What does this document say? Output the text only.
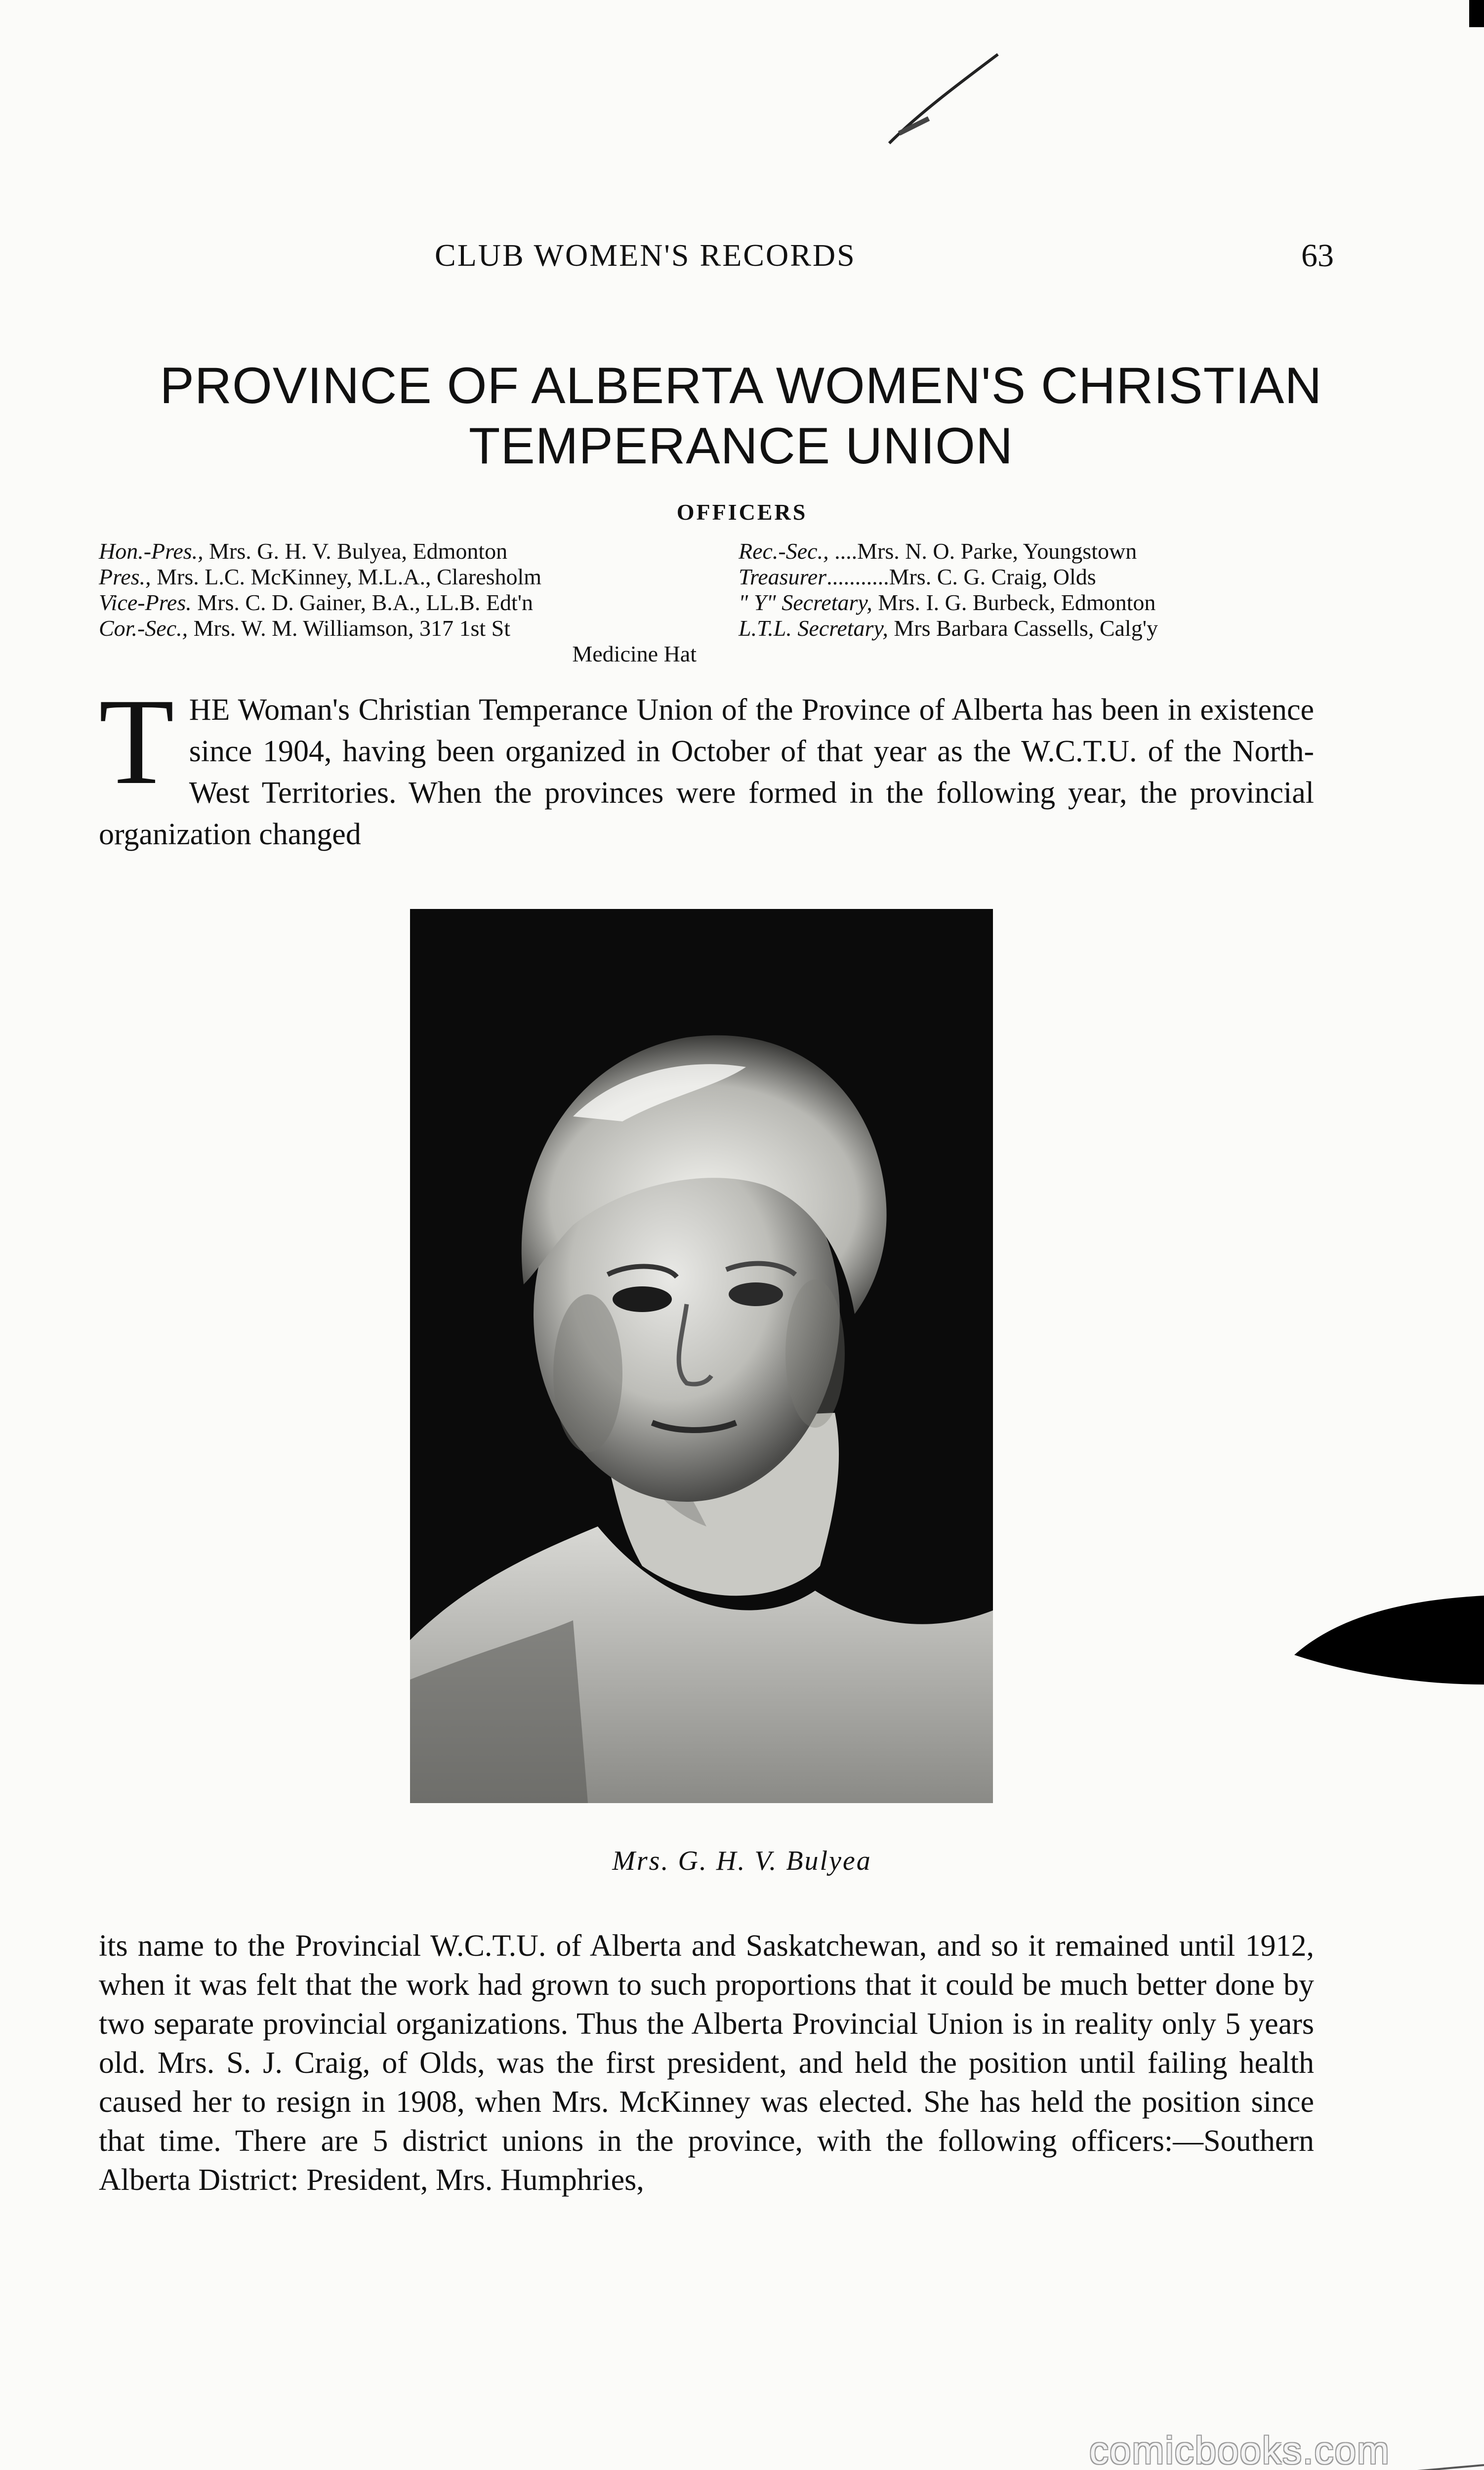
CLUB WOMEN'S RECORDS	63
PROVINCE OF ALBERTA WOMEN'S CHRISTIAN
TEMPERANCE UNION
OFFICERS
Hon.-Pres., Mrs. G. H. V. Bulyea, Edmonton
Pres., Mrs. L.C. McKinney, M.L.A., Claresholm
Vice-Pres. Mrs. C. D. Gainer, B.A., LL.B. Edt'n
Cor.-Sec., Mrs. W. M. Williamson, 317 1st St
Medicine Hat
Rec.-Sec., ....Mrs. N. O. Parke, Youngstown
Treasurer...........Mrs. C. G. Craig, Olds
" Y" Secretary, Mrs. I. G. Burbeck, Edmonton
L.T.L. Secretary, Mrs Barbara Cassells, Calg'y
THE Woman's Christian Temperance Union of the Province of Alberta has been in existence since 1904, having been organized in October of that year as the W.C.T.U. of the North-West Territories. When the provinces were formed in the following year, the provincial organization changed
Mrs. G. H. V. Bulyea
its name to the Provincial W.C.T.U. of Alberta and Saskatchewan, and so it remained until 1912, when it was felt that the work had grown to such proportions that it could be much better done by two separate provincial organizations. Thus the Alberta Provincial Union is in reality only 5 years old. Mrs. S. J. Craig, of Olds, was the first president, and held the position until failing health caused her to resign in 1908, when Mrs. McKinney was elected. She has held the position since that time. There are 5 district unions in the province, with the following officers:—Southern Alberta District: President, Mrs. Humphries,
comicbooks.com
